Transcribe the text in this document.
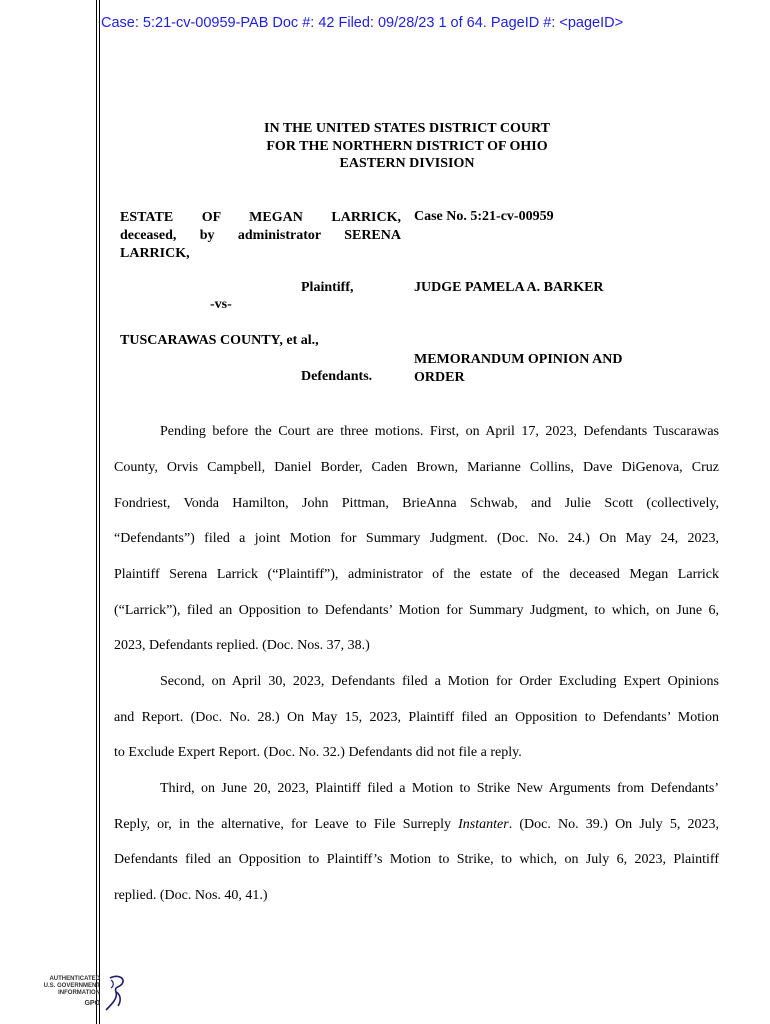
Case: 5:21-cv-00959-PAB Doc #: 42 Filed: 09/28/23 1 of 64. PageID #: <pageID>
IN THE UNITED STATES DISTRICT COURT
FOR THE NORTHERN DISTRICT OF OHIO
EASTERN DIVISION
ESTATE OF MEGAN LARRICK,
deceased, by administrator SERENA
LARRICK,
Plaintiff,
-vs-
TUSCARAWAS COUNTY, et al.,
Defendants.
Case No. 5:21-cv-00959
JUDGE PAMELA A. BARKER
MEMORANDUM OPINION AND
ORDER
Pending before the Court are three motions. First, on April 17, 2023, Defendants Tuscarawas
County, Orvis Campbell, Daniel Border, Caden Brown, Marianne Collins, Dave DiGenova, Cruz
Fondriest, Vonda Hamilton, John Pittman, BrieAnna Schwab, and Julie Scott (collectively,
“Defendants”) filed a joint Motion for Summary Judgment. (Doc. No. 24.) On May 24, 2023,
Plaintiff Serena Larrick (“Plaintiff”), administrator of the estate of the deceased Megan Larrick
(“Larrick”), filed an Opposition to Defendants’ Motion for Summary Judgment, to which, on June 6,
2023, Defendants replied. (Doc. Nos. 37, 38.)
Second, on April 30, 2023, Defendants filed a Motion for Order Excluding Expert Opinions
and Report. (Doc. No. 28.) On May 15, 2023, Plaintiff filed an Opposition to Defendants’ Motion
to Exclude Expert Report. (Doc. No. 32.) Defendants did not file a reply.
Third, on June 20, 2023, Plaintiff filed a Motion to Strike New Arguments from Defendants’
Reply, or, in the alternative, for Leave to File Surreply Instanter. (Doc. No. 39.) On July 5, 2023,
Defendants filed an Opposition to Plaintiff’s Motion to Strike, to which, on July 6, 2023, Plaintiff
replied. (Doc. Nos. 40, 41.)
AUTHENTICATED
U.S. GOVERNMENT
INFORMATION
GPO
